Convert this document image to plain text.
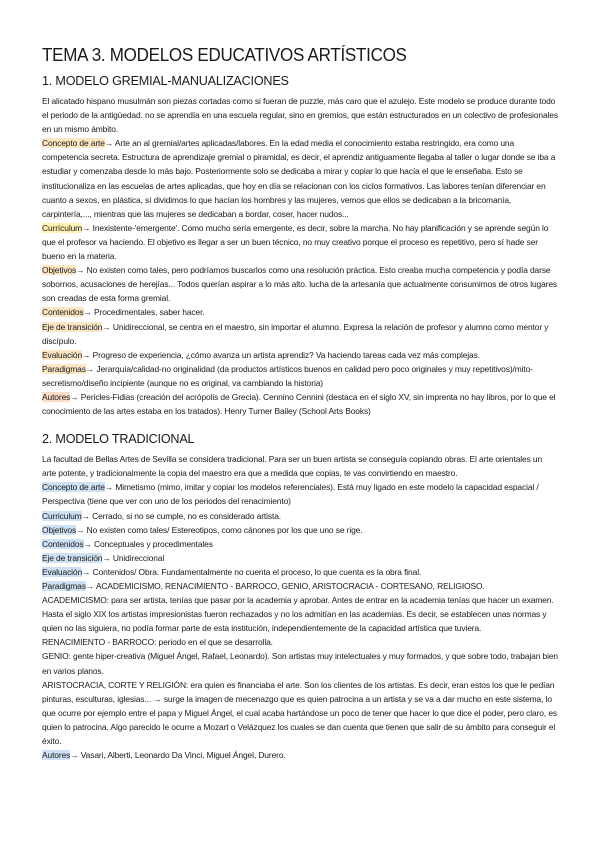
TEMA 3. MODELOS EDUCATIVOS ARTÍSTICOS
1. MODELO GREMIAL-MANUALIZACIONES

El alicatado hispano musulmán son piezas cortadas como si fueran de puzzle, más caro que el azulejo. Este modelo se produce durante todo el periodo de la antigüedad. no se aprendía en una escuela regular, sino en gremios, que están estructurados en un colectivo de profesionales en un mismo ámbito.

Concepto de arte→ Arte an al gremial/artes aplicadas/labores. En la edad media el conocimiento estaba restringido, era como una competencia secreta. Estructura de aprendizaje gremial o piramidal, es decir, el aprendiz antiguamente llegaba al taller o lugar donde se iba a estudiar y comenzaba desde lo más bajo. Posteriormente solo se dedicaba a mirar y copiar lo que hacía el que le enseñaba. Esto se institucionaliza en las escuelas de artes aplicadas, que hoy en día se relacionan con los ciclos formativos. Las labores tenían diferenciar en cuanto a sexos, en plástica, sí dividimos lo que hacían los hombres y las mujeres, vemos que ellos se dedicaban a la bricomanía, carpintería,..., mientras que las mujeres se dedicaban a bordar, coser, hacer nudos...

Currículum→ Inexistente-'emergente'. Como mucho sería emergente, es decir, sobre la marcha. No hay planificación y se aprende según lo que el profesor va haciendo. El objetivo es llegar a ser un buen técnico, no muy creativo porque el proceso es repetitivo, pero sí hade ser bueno en la materia.

Objetivos→ No existen como tales, pero podríamos buscarlos como una resolución práctica. Esto creaba mucha competencia y podía darse sobornos, acusaciones de herejías... Todos querían aspirar a lo más alto. lucha de la artesanía que actualmente consumimos de otros lugares son creadas de esta forma gremial.

Contenidos→ Procedimentales, saber hacer.

Eje de transición→ Unidireccional, se centra en el maestro, sin importar el alumno. Expresa la relación de profesor y alumno como mentor y discípulo.

Evaluación→ Progreso de experiencia, ¿cómo avanza un artista aprendiz? Va haciendo tareas cada vez más complejas.

Paradigmas→ Jerarquía/calidad-no originalidad (da productos artísticos buenos en calidad pero poco originales y muy repetitivos)/mito-secretismo/diseño incipiente (aunque no es original, va cambiando la historia)

Autores→ Pericles-Fidias (creación del acrópolis de Grecia). Cennino Cennini (destaca en el siglo XV, sin imprenta no hay libros, por lo que el conocimiento de las artes estaba en los tratados). Henry Turner Bailey (School Arts Books)

2. MODELO TRADICIONAL

La facultad de Bellas Artes de Sevilla se considera tradicional. Para ser un buen artista se conseguía copiando obras. El arte orientales un arte potente, y tradicionalmente la copia del maestro era que a medida que copias, te vas convirtiendo en maestro.

Concepto de arte→ Mimetismo (mimo, imitar y copiar los modelos referenciales). Está muy ligado en este modelo la capacidad espacial / Perspectiva (tiene que ver con uno de los periodos del renacimiento)

Curriculum→ Cerrado, si no se cumple, no es considerado artista.

Objetivos→ No existen como tales/ Estereotipos, como cánones por los que uno se rige.

Contenidos→ Conceptuales y procedimentales

Eje de transición→ Unidireccional

Evaluación→ Contenidos/ Obra. Fundamentalmente no cuenta el proceso, lo que cuenta es la obra final.

Paradigmas→ ACADEMICISMO, RENACIMIENTO - BARROCO, GENIO, ARISTOCRACIA - CORTESANO, RELIGIOSO.

ACADEMICISMO: para ser artista, tenías que pasar por la academia y aprobar. Antes de entrar en la academia tenías que hacer un examen. Hasta el siglo XIX los artistas impresionistas fueron rechazados y no los admitían en las academias. Es decir, se establecen unas normas y quien no las siguiera, no podía formar parte de esta institución, independientemente de la capacidad artística que tuviera.

RENACIMIENTO - BARROCO: periodo en el que se desarrolla.

GENIO: gente hiper-creativa (Miguel Ángel, Rafael, Leonardo). Son artistas muy intelectuales y muy formados, y que sobre todo, trabajan bien en varios planos.

ARISTOCRACIA, CORTE Y RELIGIÓN: era quien es financiaba el arte. Son los clientes de los artistas. Es decir, eran estos los que le pedían pinturas, esculturas, iglesias... → surge la imagen de mecenazgo que es quien patrocina a un artista y se va a dar mucho en este sistema, lo que ocurre por ejemplo entre el papa y Miguel Ángel, el cual acaba hartándose un poco de tener que hacer lo que dice el poder, pero claro, es quien lo patrocina. Algo parecido le ocurre a Mozart o Velázquez los cuales se dan cuenta que tienen que salir de su ámbito para conseguir el éxito.

Autores→ Vasari, Alberti, Leonardo Da Vinci, Miguel Ángel, Durero.
